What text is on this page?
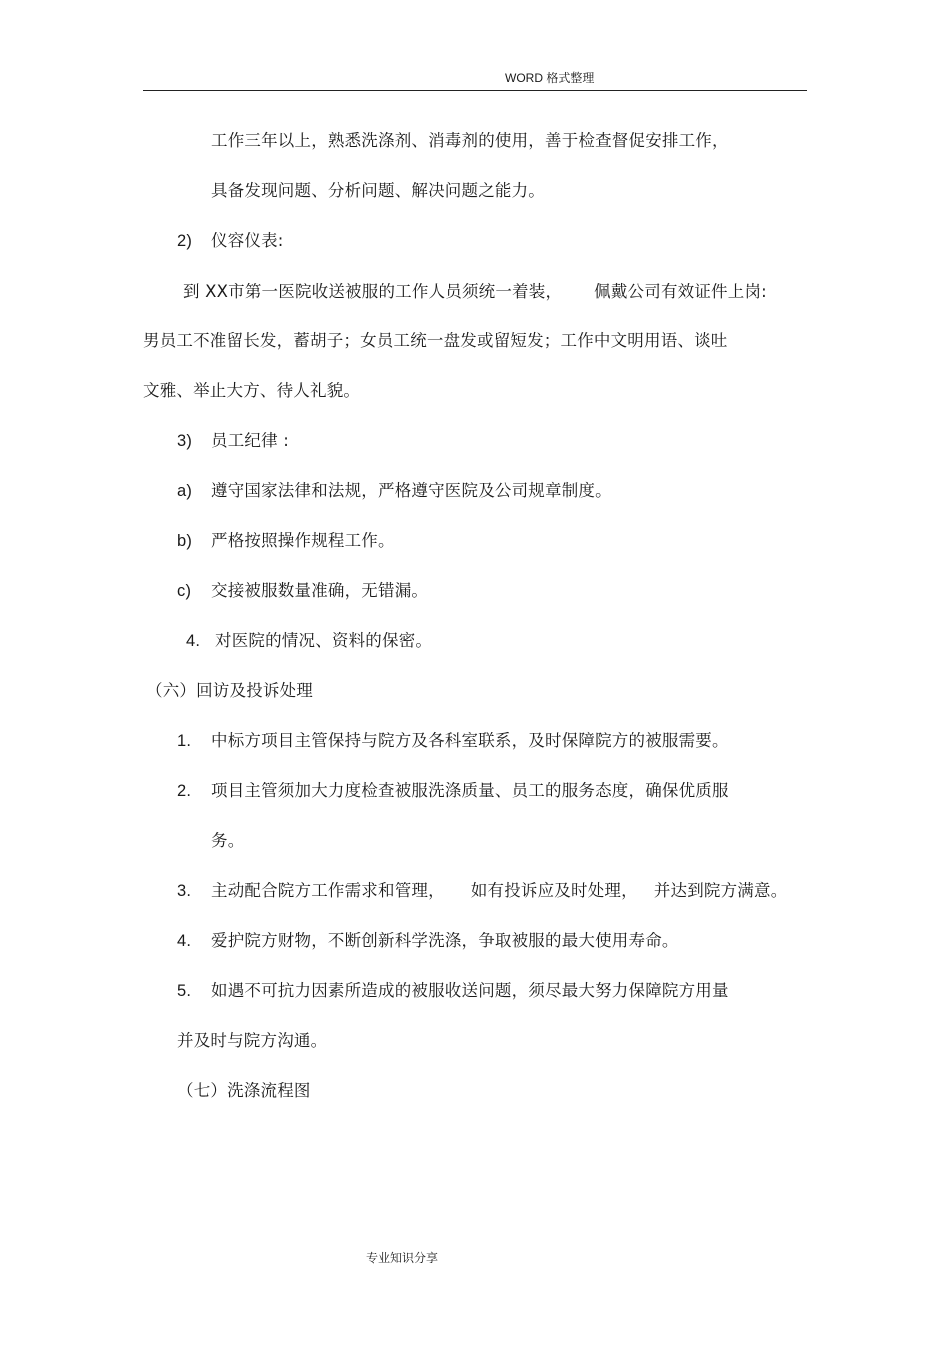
WORD 格式整理
工作三年以上，熟悉洗涤剂、消毒剂的使用，善于检查督促安排工作，
具备发现问题、分析问题、解决问题之能力。
2) 仪容仪表:
到 XX市第一医院收送被服的工作人员须统一着装， 佩戴公司有效证件上岗:
男员工不准留长发，蓄胡子；女员工统一盘发或留短发；工作中文明用语、谈吐
文雅、举止大方、待人礼貌。
3) 员工纪律 :
a) 遵守国家法律和法规，严格遵守医院及公司规章制度。
b) 严格按照操作规程工作。
c) 交接被服数量准确，无错漏。
4. 对医院的情况、资料的保密。
（六）回访及投诉处理
1. 中标方项目主管保持与院方及各科室联系，及时保障院方的被服需要。
2. 项目主管须加大力度检查被服洗涤质量、员工的服务态度，确保优质服
务。
3. 主动配合院方工作需求和管理， 如有投诉应及时处理， 并达到院方满意。
4. 爱护院方财物，不断创新科学洗涤，争取被服的最大使用寿命。
5. 如遇不可抗力因素所造成的被服收送问题，须尽最大努力保障院方用量
并及时与院方沟通。
（七）洗涤流程图
专业知识分享
